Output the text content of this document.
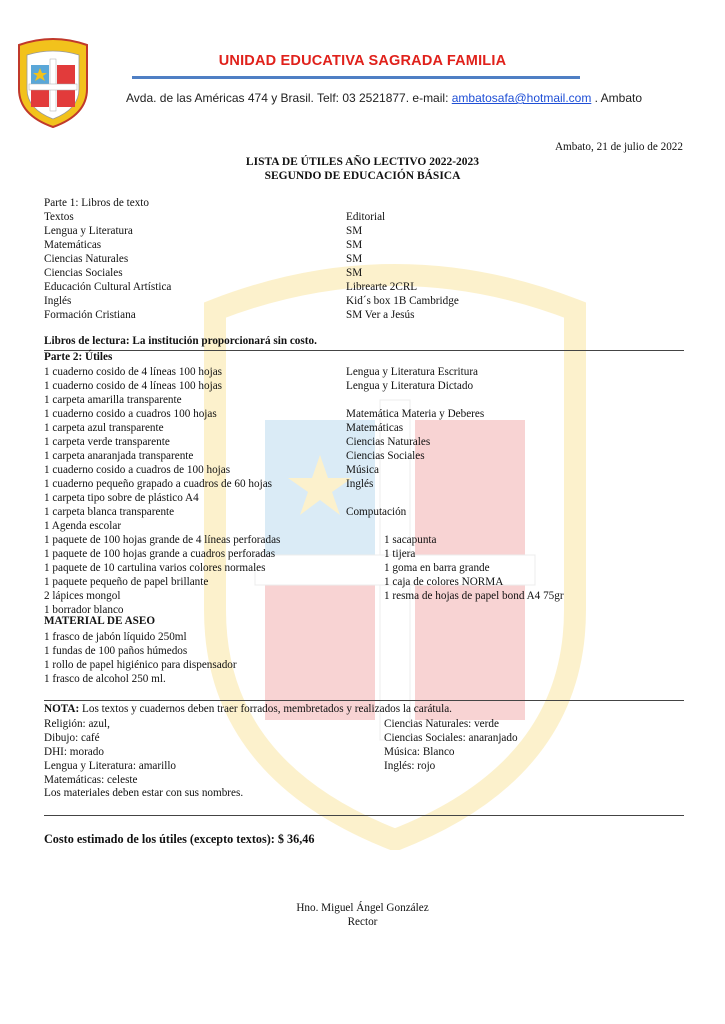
UNIDAD EDUCATIVA SAGRADA FAMILIA
Avda. de las Américas 474 y Brasil. Telf: 03 2521877. e-mail: ambatosafa@hotmail.com . Ambato
Ambato, 21 de julio de 2022
LISTA DE ÚTILES AÑO LECTIVO 2022-2023
SEGUNDO DE EDUCACIÓN BÁSICA
Parte 1: Libros de texto
Textos	Editorial
Lengua y Literatura	SM
Matemáticas	SM
Ciencias Naturales	SM
Ciencias Sociales	SM
Educación Cultural Artística	Librearte 2CRL
Inglés	Kid´s box 1B Cambridge
Formación Cristiana	SM Ver a Jesús
Libros de lectura: La institución proporcionará sin costo.
Parte 2: Útiles
1 cuaderno cosido de 4 líneas 100 hojas	Lengua y Literatura Escritura
1 cuaderno cosido de 4 líneas 100 hojas	Lengua y Literatura Dictado
1 carpeta amarilla transparente
1 cuaderno cosido a cuadros 100 hojas	Matemática Materia y Deberes
1 carpeta azul transparente	Matemáticas
1 carpeta verde transparente	Ciencias Naturales
1 carpeta anaranjada transparente	Ciencias Sociales
1 cuaderno cosido a cuadros de 100 hojas	Música
1 cuaderno pequeño grapado a cuadros de 60 hojas	Inglés
1 carpeta tipo sobre de plástico A4
1 carpeta blanca transparente	Computación
1 Agenda escolar
1 paquete de 100 hojas grande de 4 líneas perforadas	1 sacapunta
1 paquete de 100 hojas grande a cuadros perforadas	1 tijera
1 paquete de 10 cartulina varios colores normales	1 goma en barra grande
1 paquete pequeño de papel brillante	1 caja de colores NORMA
2 lápices mongol	1 resma de hojas de papel bond A4 75gr
1 borrador blanco
MATERIAL DE ASEO
1 frasco de jabón líquido 250ml
1 fundas de 100 paños húmedos
1 rollo de papel higiénico para dispensador
1 frasco de alcohol 250 ml.
NOTA: Los textos y cuadernos deben traer forrados, membretados y realizados la carátula.
Religión: azul,	Ciencias Naturales: verde
Dibujo: café	Ciencias Sociales: anaranjado
DHI: morado	Música: Blanco
Lengua y Literatura: amarillo	Inglés: rojo
Matemáticas: celeste
Los materiales deben estar con sus nombres.
Costo estimado de los útiles (excepto textos): $ 36,46
Hno. Miguel Ángel González
Rector
